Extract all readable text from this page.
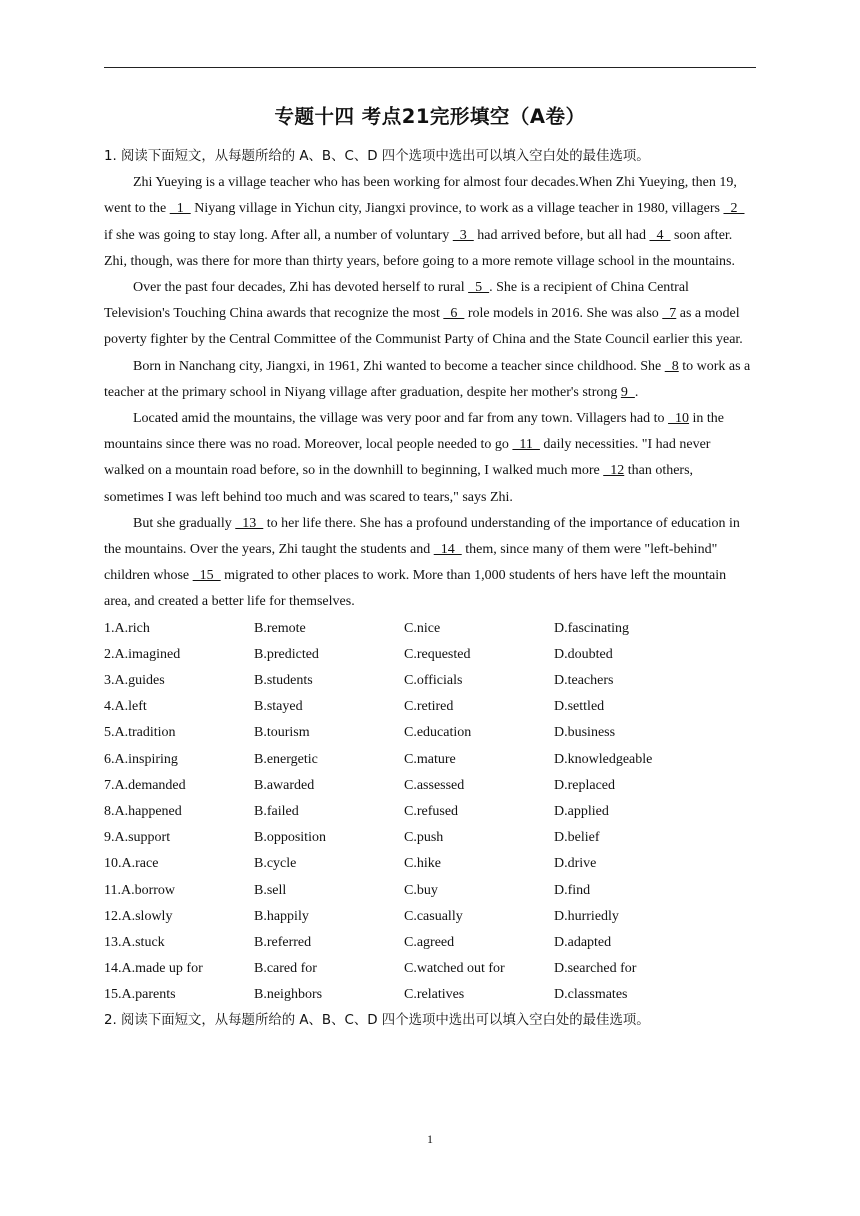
专题十四 考点21完形填空（A卷）

1. 阅读下面短文，从每题所给的 A、B、C、D 四个选项中选出可以填入空白处的最佳选项。

Zhi Yueying is a village teacher who has been working for almost four decades.When Zhi Yueying, then 19, went to the   1   Niyang village in Yichun city, Jiangxi province, to work as a village teacher in 1980, villagers   2   if she was going to stay long. After all, a number of voluntary   3   had arrived before, but all had   4   soon after. Zhi, though, was there for more than thirty years, before going to a more remote village school in the mountains.

Over the past four decades, Zhi has devoted herself to rural   5  . She is a recipient of China Central Television's Touching China awards that recognize the most   6   role models in 2016. She was also   7 as a model poverty fighter by the Central Committee of the Communist Party of China and the State Council earlier this year.

Born in Nanchang city, Jiangxi, in 1961, Zhi wanted to become a teacher since childhood. She   8 to work as a teacher at the primary school in Niyang village after graduation, despite her mother's strong 9  .

Located amid the mountains, the village was very poor and far from any town. Villagers had to   10 in the mountains since there was no road. Moreover, local people needed to go   11   daily necessities. "I had never walked on a mountain road before, so in the downhill to beginning, I walked much more   12 than others, sometimes I was left behind too much and was scared to tears," says Zhi.

But she gradually   13   to her life there. She has a profound understanding of the importance of education in the mountains. Over the years, Zhi taught the students and   14   them, since many of them were "left-behind" children whose   15   migrated to other places to work. More than 1,000 students of hers have left the mountain area, and created a better life for themselves.

1.A.rich	B.remote	C.nice	D.fascinating
2.A.imagined	B.predicted	C.requested	D.doubted
3.A.guides	B.students	C.officials	D.teachers
4.A.left	B.stayed	C.retired	D.settled
5.A.tradition	B.tourism	C.education	D.business
6.A.inspiring	B.energetic	C.mature	D.knowledgeable
7.A.demanded	B.awarded	C.assessed	D.replaced
8.A.happened	B.failed	C.refused	D.applied
9.A.support	B.opposition	C.push	D.belief
10.A.race	B.cycle	C.hike	D.drive
11.A.borrow	B.sell	C.buy	D.find
12.A.slowly	B.happily	C.casually	D.hurriedly
13.A.stuck	B.referred	C.agreed	D.adapted
14.A.made up for	B.cared for	C.watched out for	D.searched for
15.A.parents	B.neighbors	C.relatives	D.classmates

2. 阅读下面短文，从每题所给的 A、B、C、D 四个选项中选出可以填入空白处的最佳选项。

1
